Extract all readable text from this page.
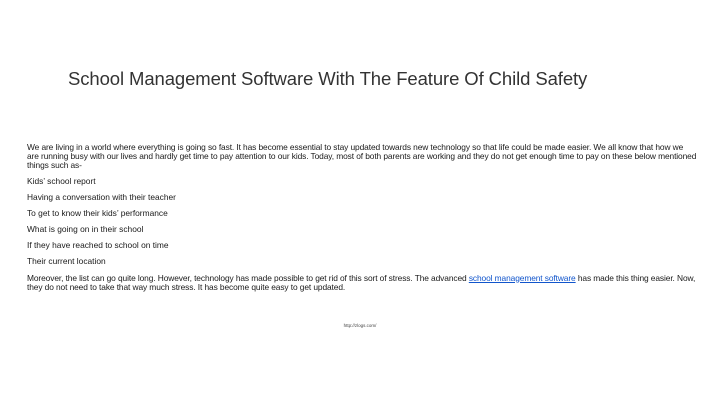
School Management Software With The Feature Of Child Safety

We are living in a world where everything is going so fast. It has become essential to stay updated towards new technology so that life could be made easier. We all know that how we are running busy with our lives and hardly get time to pay attention to our kids. Today, most of both parents are working and they do not get enough time to pay on these below mentioned things such as-

Kids’ school report
Having a conversation with their teacher
To get to know their kids’ performance
What is going on in their school
If they have reached to school on time
Their current location

Moreover, the list can go quite long. However, technology has made possible to get rid of this sort of stress. The advanced school management software has made this thing easier. Now, they do not need to take that way much stress. It has become quite easy to get updated.

http://zlogs.com/
